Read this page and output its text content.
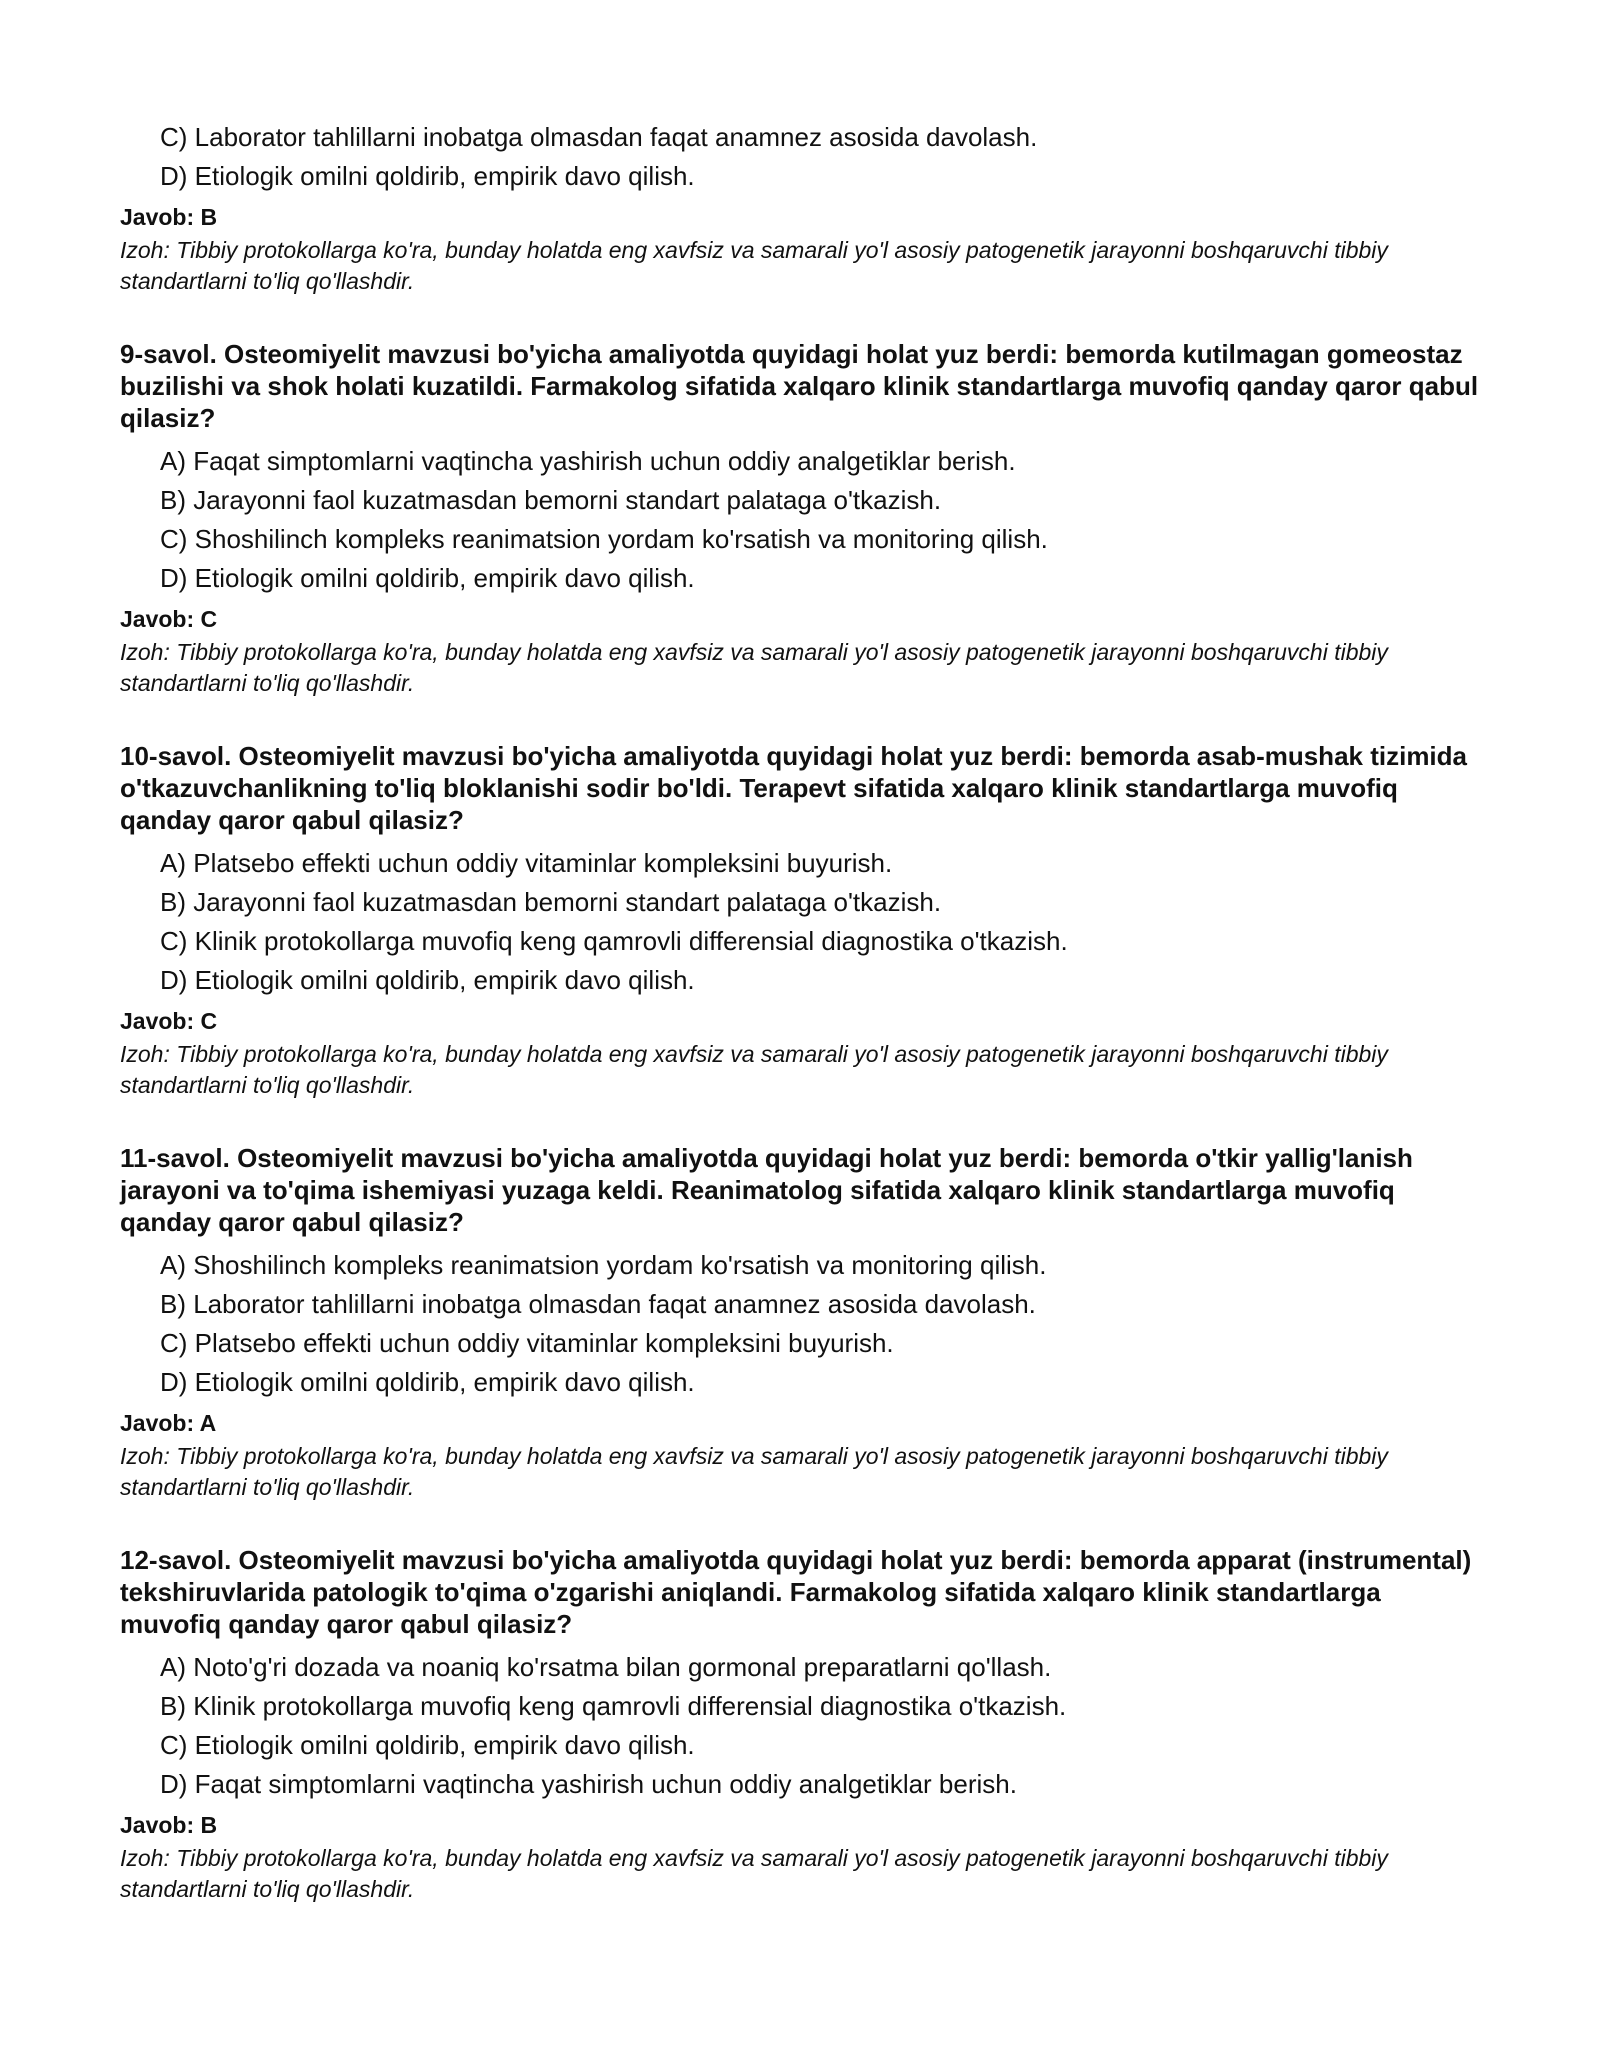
C) Laborator tahlillarni inobatga olmasdan faqat anamnez asosida davolash.
D) Etiologik omilni qoldirib, empirik davo qilish.
Javob: B
Izoh: Tibbiy protokollarga ko'ra, bunday holatda eng xavfsiz va samarali yo'l asosiy patogenetik jarayonni boshqaruvchi tibbiy standartlarni to'liq qo'llashdir.
9-savol. Osteomiyelit mavzusi bo'yicha amaliyotda quyidagi holat yuz berdi: bemorda kutilmagan gomeostaz buzilishi va shok holati kuzatildi. Farmakolog sifatida xalqaro klinik standartlarga muvofiq qanday qaror qabul qilasiz?
A) Faqat simptomlarni vaqtincha yashirish uchun oddiy analgetiklar berish.
B) Jarayonni faol kuzatmasdan bemorni standart palataga o'tkazish.
C) Shoshilinch kompleks reanimatsion yordam ko'rsatish va monitoring qilish.
D) Etiologik omilni qoldirib, empirik davo qilish.
Javob: C
Izoh: Tibbiy protokollarga ko'ra, bunday holatda eng xavfsiz va samarali yo'l asosiy patogenetik jarayonni boshqaruvchi tibbiy standartlarni to'liq qo'llashdir.
10-savol. Osteomiyelit mavzusi bo'yicha amaliyotda quyidagi holat yuz berdi: bemorda asab-mushak tizimida o'tkazuvchanlikning to'liq bloklanishi sodir bo'ldi. Terapevt sifatida xalqaro klinik standartlarga muvofiq qanday qaror qabul qilasiz?
A) Platsebo effekti uchun oddiy vitaminlar kompleksini buyurish.
B) Jarayonni faol kuzatmasdan bemorni standart palataga o'tkazish.
C) Klinik protokollarga muvofiq keng qamrovli differensial diagnostika o'tkazish.
D) Etiologik omilni qoldirib, empirik davo qilish.
Javob: C
Izoh: Tibbiy protokollarga ko'ra, bunday holatda eng xavfsiz va samarali yo'l asosiy patogenetik jarayonni boshqaruvchi tibbiy standartlarni to'liq qo'llashdir.
11-savol. Osteomiyelit mavzusi bo'yicha amaliyotda quyidagi holat yuz berdi: bemorda o'tkir yallig'lanish jarayoni va to'qima ishemiyasi yuzaga keldi. Reanimatolog sifatida xalqaro klinik standartlarga muvofiq qanday qaror qabul qilasiz?
A) Shoshilinch kompleks reanimatsion yordam ko'rsatish va monitoring qilish.
B) Laborator tahlillarni inobatga olmasdan faqat anamnez asosida davolash.
C) Platsebo effekti uchun oddiy vitaminlar kompleksini buyurish.
D) Etiologik omilni qoldirib, empirik davo qilish.
Javob: A
Izoh: Tibbiy protokollarga ko'ra, bunday holatda eng xavfsiz va samarali yo'l asosiy patogenetik jarayonni boshqaruvchi tibbiy standartlarni to'liq qo'llashdir.
12-savol. Osteomiyelit mavzusi bo'yicha amaliyotda quyidagi holat yuz berdi: bemorda apparat (instrumental) tekshiruvlarida patologik to'qima o'zgarishi aniqlandi. Farmakolog sifatida xalqaro klinik standartlarga muvofiq qanday qaror qabul qilasiz?
A) Noto'g'ri dozada va noaniq ko'rsatma bilan gormonal preparatlarni qo'llash.
B) Klinik protokollarga muvofiq keng qamrovli differensial diagnostika o'tkazish.
C) Etiologik omilni qoldirib, empirik davo qilish.
D) Faqat simptomlarni vaqtincha yashirish uchun oddiy analgetiklar berish.
Javob: B
Izoh: Tibbiy protokollarga ko'ra, bunday holatda eng xavfsiz va samarali yo'l asosiy patogenetik jarayonni boshqaruvchi tibbiy standartlarni to'liq qo'llashdir.
